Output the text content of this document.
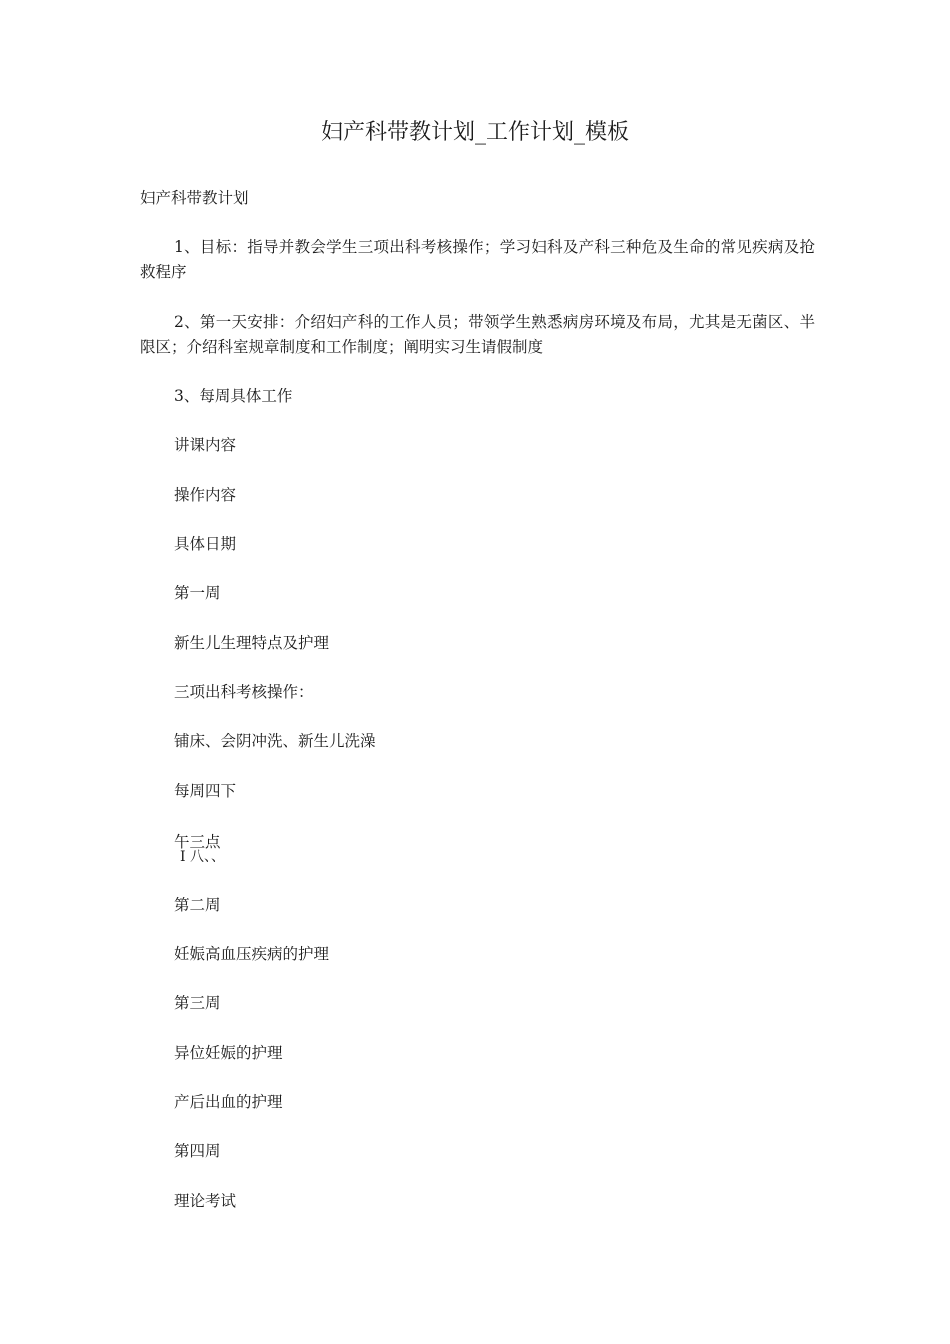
妇产科带教计划_工作计划_模板
妇产科带教计划
1、目标：指导并教会学生三项出科考核操作；学习妇科及产科三种危及生命的常见疾病及抢救程序
2、第一天安排：介绍妇产科的工作人员；带领学生熟悉病房环境及布局，尤其是无菌区、半限区；介绍科室规章制度和工作制度；阐明实习生请假制度
3、每周具体工作
讲课内容
操作内容
具体日期
第一周
新生儿生理特点及护理
三项出科考核操作：
铺床、会阴冲洗、新生儿洗澡
每周四下
午三点
I 八、、
第二周
妊娠高血压疾病的护理
第三周
异位妊娠的护理
产后出血的护理
第四周
理论考试
